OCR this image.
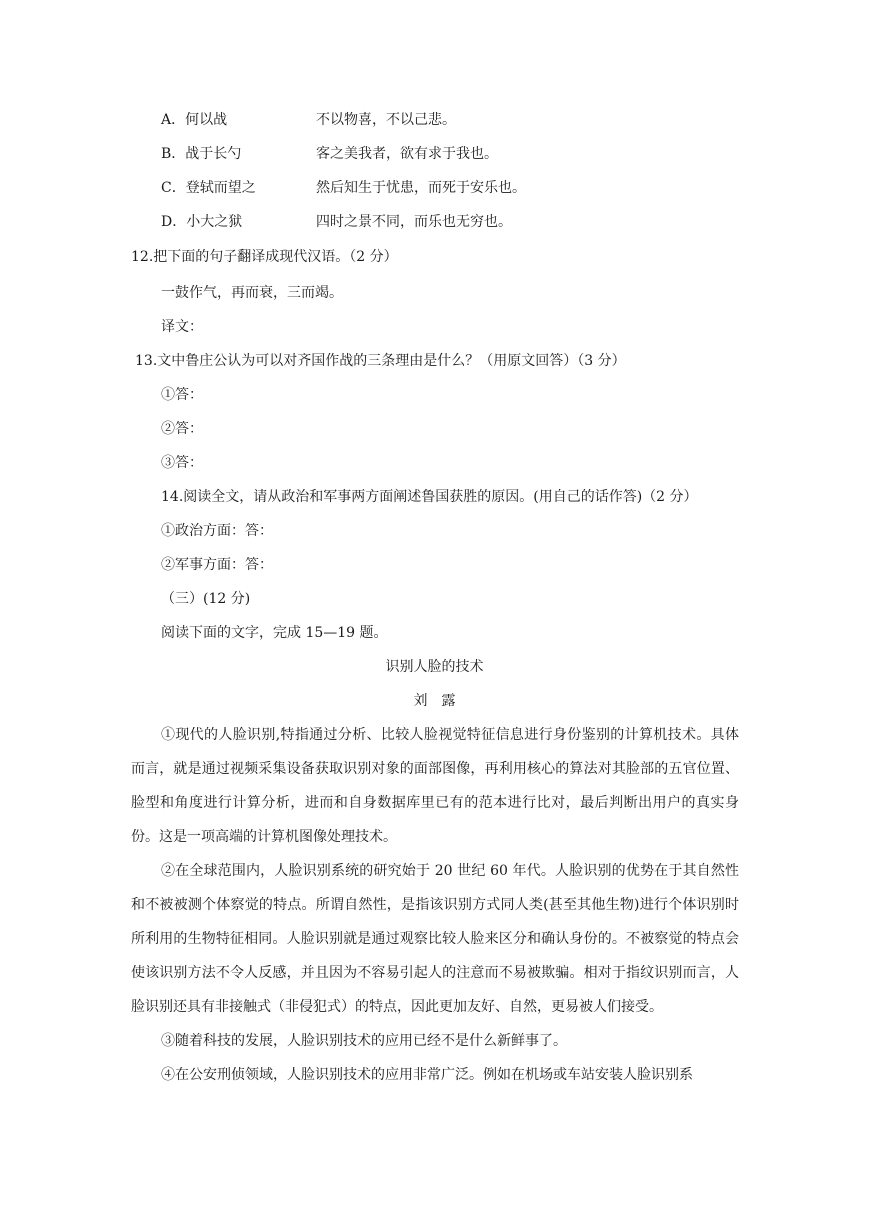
A．何以战	不以物喜，不以己悲。
B．战于长勺	客之美我者，欲有求于我也。
C．登轼而望之	然后知生于忧患，而死于安乐也。
D．小大之狱	四时之景不同，而乐也无穷也。
12.把下面的句子翻译成现代汉语。（2 分）
一鼓作气，再而衰，三而竭。
译文：
13.文中鲁庄公认为可以对齐国作战的三条理由是什么？（用原文回答）（3 分）
①答：
②答：
③答：
14.阅读全文，请从政治和军事两方面阐述鲁国获胜的原因。(用自己的话作答)（2 分）
①政治方面：答：
②军事方面：答：
（三）(12 分)
阅读下面的文字，完成 15—19 题。
识别人脸的技术
刘　露

①现代的人脸识别,特指通过分析、比较人脸视觉特征信息进行身份鉴别的计算机技术。具体而言，就是通过视频采集设备获取识别对象的面部图像，再利用核心的算法对其脸部的五官位置、脸型和角度进行计算分析，进而和自身数据库里已有的范本进行比对，最后判断出用户的真实身份。这是一项高端的计算机图像处理技术。

②在全球范围内，人脸识别系统的研究始于 20 世纪 60 年代。人脸识别的优势在于其自然性和不被被测个体察觉的特点。所谓自然性，是指该识别方式同人类(甚至其他生物)进行个体识别时所利用的生物特征相同。人脸识别就是通过观察比较人脸来区分和确认身份的。不被察觉的特点会使该识别方法不令人反感，并且因为不容易引起人的注意而不易被欺骗。相对于指纹识别而言，人脸识别还具有非接触式（非侵犯式）的特点，因此更加友好、自然，更易被人们接受。

③随着科技的发展，人脸识别技术的应用已经不是什么新鲜事了。

④在公安刑侦领域，人脸识别技术的应用非常广泛。例如在机场或车站安装人脸识别系
